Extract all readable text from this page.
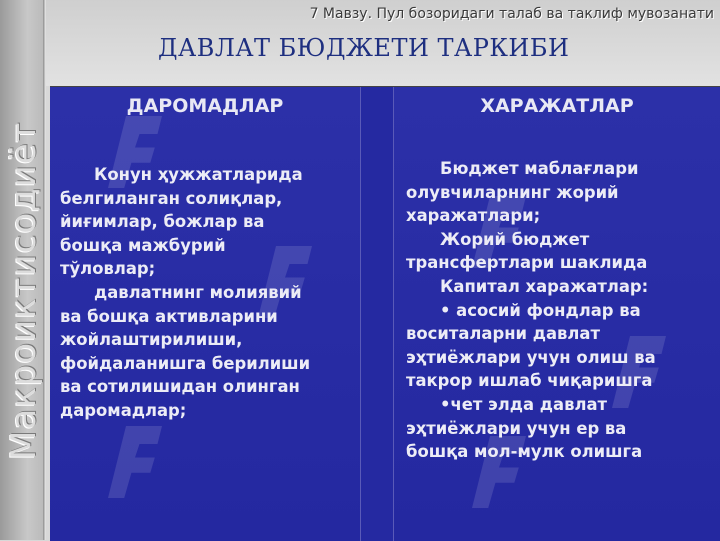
Макроиктисодиёт
7 Мавзу. Пул бозоридаги талаб ва таклиф мувозанати
ДАВЛАТ БЮДЖЕТИ ТАРКИБИ
ДАРОМАДЛАР

Конун ҳужжатларида

белгиланган солиқлар,

йиғимлар, божлар ва

бошқа мажбурий

тўловлар;

давлатнинг молиявий

ва бошқа активларини

жойлаштирилиши,

фойдаланишга берилиши

ва сотилишидан олинган

даромадлар;

ХАРАЖАТЛАР

Бюджет маблағлари

олувчиларнинг жорий

харажатлари;

Жорий бюджет

трансфертлари шаклида

Капитал харажатлар:

• асосий фондлар ва

воситаларни давлат

эҳтиёжлари учун олиш ва

такрор ишлаб чиқаришга

•чет элда давлат

эҳтиёжлари учун ер ва

бошқа мол-мулк олишга
